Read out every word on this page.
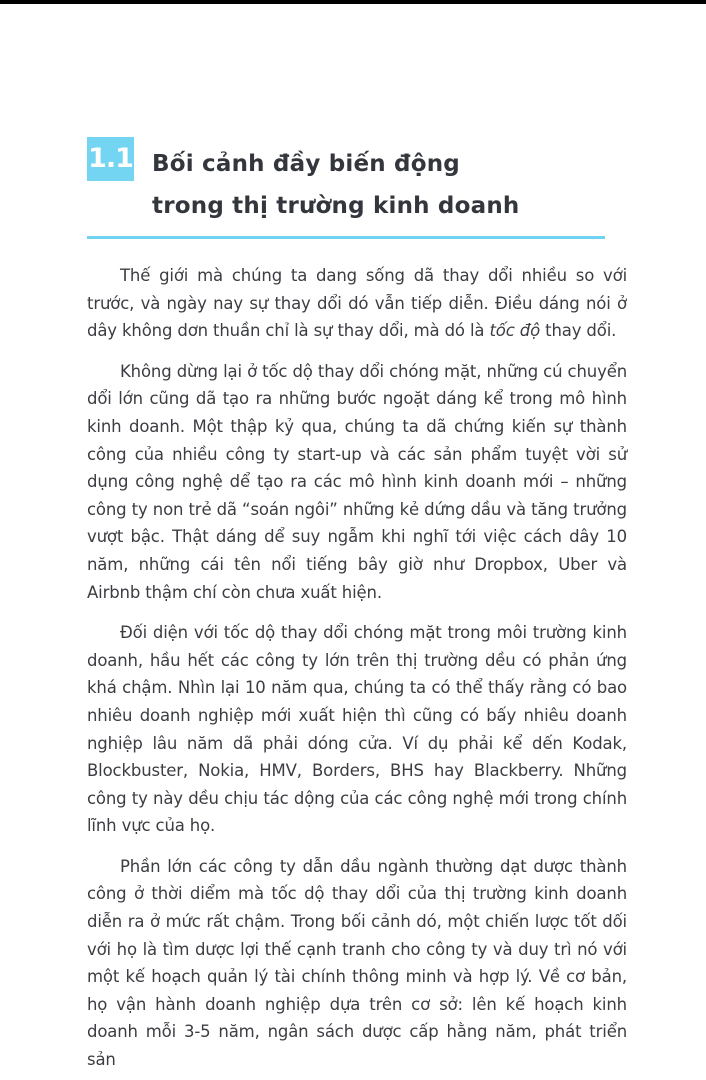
1.1 Bối cảnh đầy biến động
trong thị trường kinh doanh

Thế giới mà chúng ta dang sống dã thay dổi nhiều so với trước, và ngày nay sự thay dổi dó vẫn tiếp diễn. Điều dáng nói ở dây không dơn thuần chỉ là sự thay dổi, mà dó là tốc độ thay dổi.

Không dừng lại ở tốc dộ thay dổi chóng mặt, những cú chuyển dổi lớn cũng dã tạo ra những bước ngoặt dáng kể trong mô hình kinh doanh. Một thập kỷ qua, chúng ta dã chứng kiến sự thành công của nhiều công ty start-up và các sản phẩm tuyệt vời sử dụng công nghệ dể tạo ra các mô hình kinh doanh mới – những công ty non trẻ dã “soán ngôi” những kẻ dứng dầu và tăng trưởng vượt bậc. Thật dáng dể suy ngẫm khi nghĩ tới việc cách dây 10 năm, những cái tên nổi tiếng bây giờ như Dropbox, Uber và Airbnb thậm chí còn chưa xuất hiện.

Đối diện với tốc dộ thay dổi chóng mặt trong môi trường kinh doanh, hầu hết các công ty lớn trên thị trường dều có phản ứng khá chậm. Nhìn lại 10 năm qua, chúng ta có thể thấy rằng có bao nhiêu doanh nghiệp mới xuất hiện thì cũng có bấy nhiêu doanh nghiệp lâu năm dã phải dóng cửa. Ví dụ phải kể dến Kodak, Blockbuster, Nokia, HMV, Borders, BHS hay Blackberry. Những công ty này dều chịu tác dộng của các công nghệ mới trong chính lĩnh vực của họ.

Phần lớn các công ty dẫn dầu ngành thường dạt dược thành công ở thời diểm mà tốc dộ thay dổi của thị trường kinh doanh diễn ra ở mức rất chậm. Trong bối cảnh dó, một chiến lược tốt dối với họ là tìm dược lợi thế cạnh tranh cho công ty và duy trì nó với một kế hoạch quản lý tài chính thông minh và hợp lý. Về cơ bản, họ vận hành doanh nghiệp dựa trên cơ sở: lên kế hoạch kinh doanh mỗi 3-5 năm, ngân sách dược cấp hằng năm, phát triển sản
